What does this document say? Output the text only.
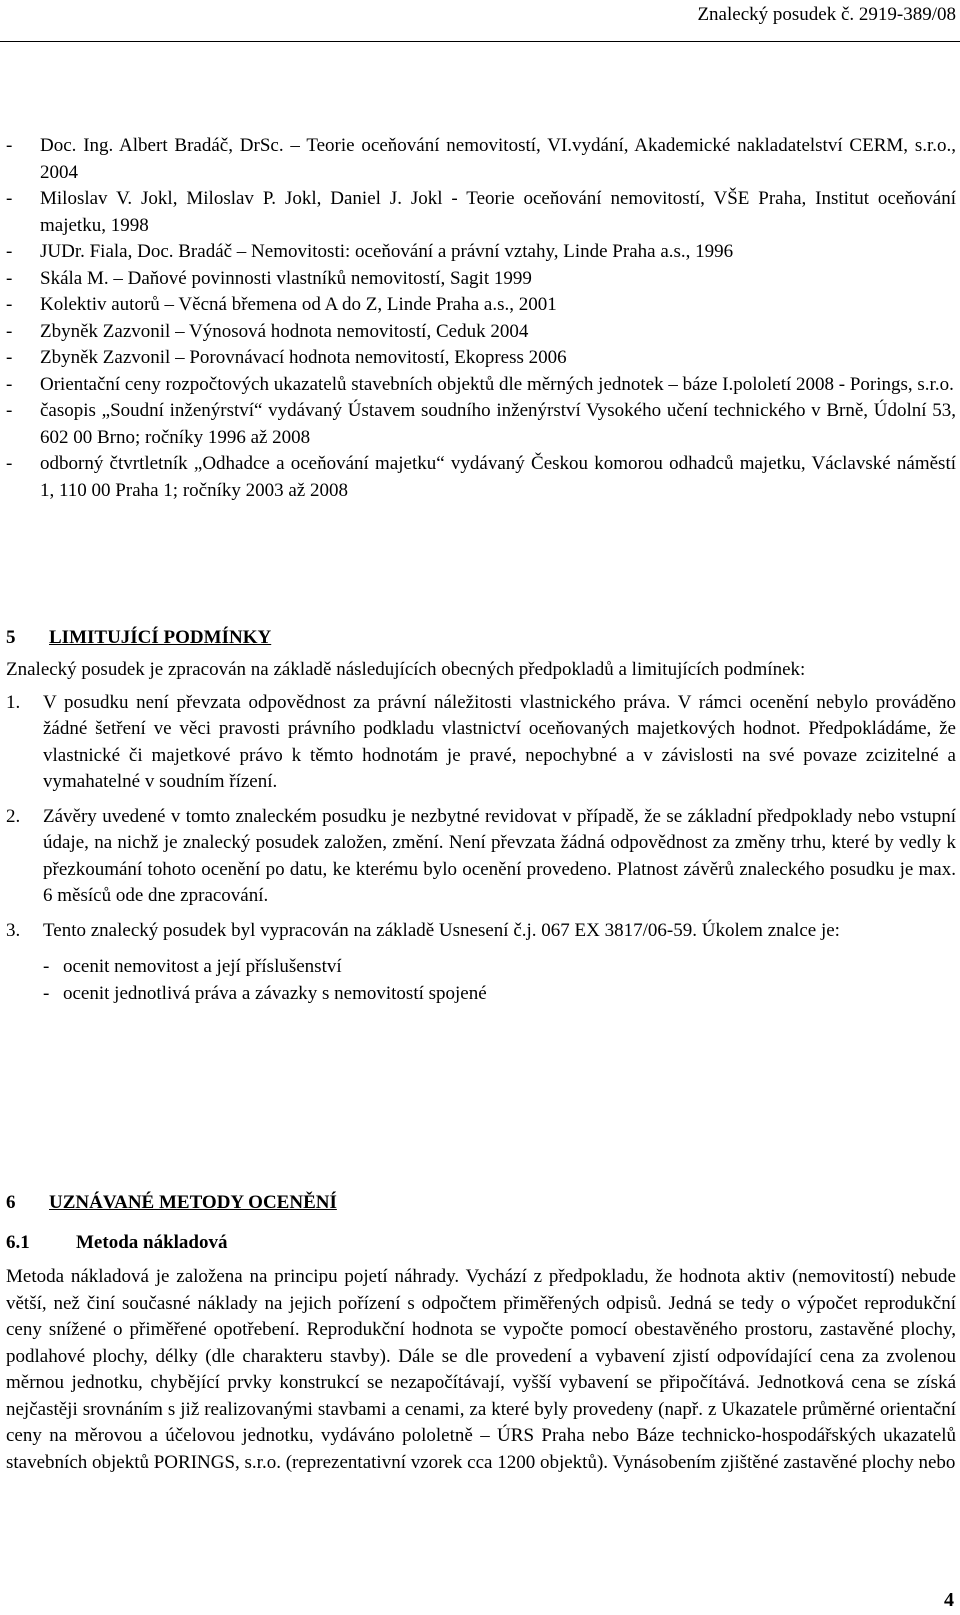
Znalecký posudek č. 2919-389/08
- Doc. Ing. Albert Bradáč, DrSc. – Teorie oceňování nemovitostí, VI.vydání, Akademické nakladatelství CERM, s.r.o., 2004
- Miloslav V. Jokl, Miloslav P. Jokl, Daniel J. Jokl - Teorie oceňování nemovitostí, VŠE Praha, Institut oceňování majetku, 1998
- JUDr. Fiala, Doc. Bradáč – Nemovitosti: oceňování a právní vztahy, Linde Praha a.s., 1996
- Skála M. – Daňové povinnosti vlastníků nemovitostí, Sagit 1999
- Kolektiv autorů – Věcná břemena od A do Z, Linde Praha a.s., 2001
- Zbyněk Zazvonil – Výnosová hodnota nemovitostí, Ceduk 2004
- Zbyněk Zazvonil – Porovnávací hodnota nemovitostí, Ekopress 2006
- Orientační ceny rozpočtových ukazatelů stavebních objektů dle měrných jednotek – báze I.pololetí 2008 - Porings, s.r.o.
- časopis „Soudní inženýrství“ vydávaný Ústavem soudního inženýrství Vysokého učení technického v Brně, Údolní 53, 602 00 Brno; ročníky 1996 až 2008
- odborný čtvrtletník „Odhadce a oceňování majetku“ vydávaný Českou komorou odhadců majetku, Václavské náměstí 1, 110 00 Praha 1; ročníky 2003 až 2008
5 LIMITUJÍCÍ PODMÍNKY

Znalecký posudek je zpracován na základě následujících obecných předpokladů a limitujících podmínek:

1. V posudku není převzata odpovědnost za právní náležitosti vlastnického práva. V rámci ocenění nebylo prováděno žádné šetření ve věci pravosti právního podkladu vlastnictví oceňovaných majetkových hodnot. Předpokládáme, že vlastnické či majetkové právo k těmto hodnotám je pravé, nepochybné a v závislosti na své povaze zcizitelné a vymahatelné v soudním řízení.
2. Závěry uvedené v tomto znaleckém posudku je nezbytné revidovat v případě, že se základní předpoklady nebo vstupní údaje, na nichž je znalecký posudek založen, změní. Není převzata žádná odpovědnost za změny trhu, které by vedly k přezkoumání tohoto ocenění po datu, ke kterému bylo ocenění provedeno. Platnost závěrů znaleckého posudku je max. 6 měsíců ode dne zpracování.
3. Tento znalecký posudek byl vypracován na základě Usnesení č.j. 067 EX 3817/06-59. Úkolem znalce je:
- ocenit nemovitost a její příslušenství
- ocenit jednotlivá práva a závazky s nemovitostí spojené
6 UZNÁVANÉ METODY OCENĚNÍ
6.1 Metoda nákladová

Metoda nákladová je založena na principu pojetí náhrady. Vychází z předpokladu, že hodnota aktiv (nemovitostí) nebude větší, než činí současné náklady na jejich pořízení s odpočtem přiměřených odpisů. Jedná se tedy o výpočet reprodukční ceny snížené o přiměřené opotřebení. Reprodukční hodnota se vypočte pomocí obestavěného prostoru, zastavěné plochy, podlahové plochy, délky (dle charakteru stavby). Dále se dle provedení a vybavení zjistí odpovídající cena za zvolenou měrnou jednotku, chybějící prvky konstrukcí se nezapočítávají, vyšší vybavení se připočítává. Jednotková cena se získá nejčastěji srovnáním s již realizovanými stavbami a cenami, za které byly provedeny (např. z Ukazatele průměrné orientační ceny na měrovou a účelovou jednotku, vydáváno pololetně – ÚRS Praha nebo Báze technicko-hospodářských ukazatelů stavebních objektů PORINGS, s.r.o. (reprezentativní vzorek cca 1200 objektů). Vynásobením zjištěné zastavěné plochy nebo

4
